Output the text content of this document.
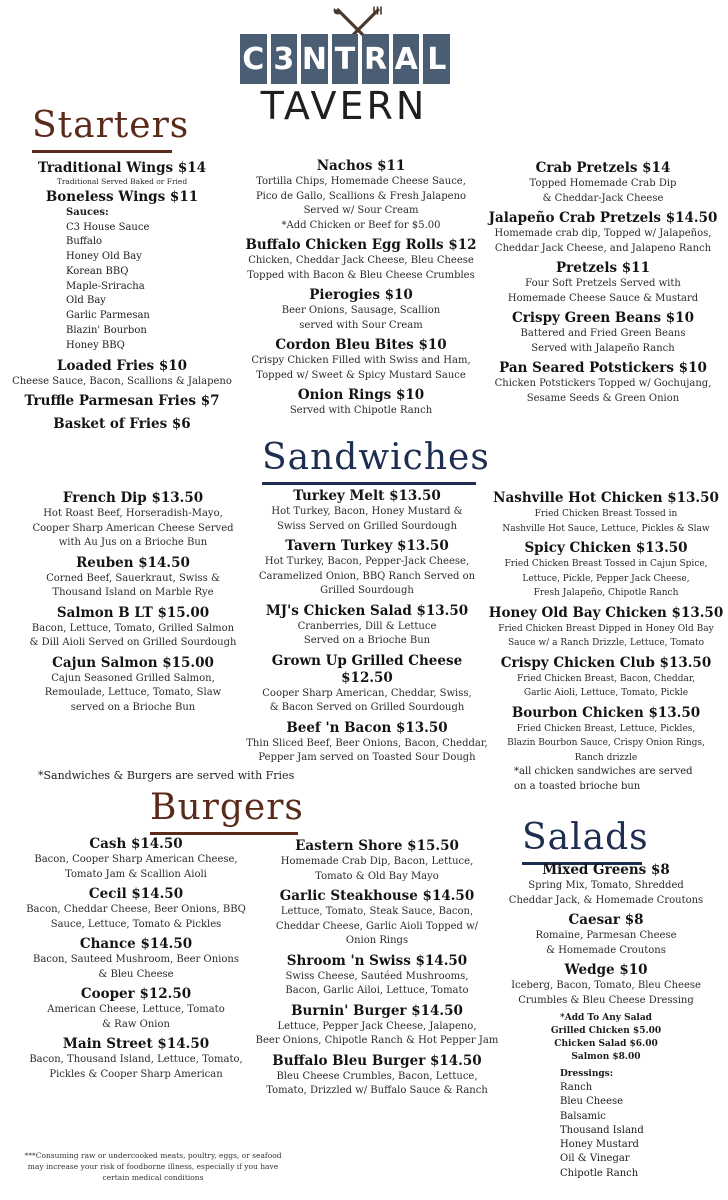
C 3 N T R A L
TAVERN
Starters
Traditional Wings $14
Traditional Served Baked or Fried
Boneless Wings $11
Sauces:
C3 House Sauce
Buffalo
Honey Old Bay
Korean BBQ
Maple-Sriracha
Old Bay
Garlic Parmesan
Blazin' Bourbon
Honey BBQ
Loaded Fries $10
Cheese Sauce, Bacon, Scallions & Jalapeno
Truffle Parmesan Fries $7
Basket of Fries $6
Nachos $11
Tortilla Chips, Homemade Cheese Sauce,
Pico de Gallo, Scallions & Fresh Jalapeno
Served w/ Sour Cream
*Add Chicken or Beef for $5.00
Buffalo Chicken Egg Rolls $12
Chicken, Cheddar Jack Cheese, Bleu Cheese
Topped with Bacon & Bleu Cheese Crumbles
Pierogies $10
Beer Onions, Sausage, Scallion
served with Sour Cream
Cordon Bleu Bites $10
Crispy Chicken Filled with Swiss and Ham,
Topped w/ Sweet & Spicy Mustard Sauce
Onion Rings $10
Served with Chipotle Ranch
Crab Pretzels $14
Topped Homemade Crab Dip
& Cheddar-Jack Cheese
Jalapeño Crab Pretzels $14.50
Homemade crab dip, Topped w/ Jalapeños,
Cheddar Jack Cheese, and Jalapeno Ranch
Pretzels $11
Four Soft Pretzels Served with
Homemade Cheese Sauce & Mustard
Crispy Green Beans $10
Battered and Fried Green Beans
Served with Jalapeño Ranch
Pan Seared Potstickers $10
Chicken Potstickers Topped w/ Gochujang,
Sesame Seeds & Green Onion
Sandwiches
French Dip $13.50
Hot Roast Beef, Horseradish-Mayo,
Cooper Sharp American Cheese Served
with Au Jus on a Brioche Bun
Reuben $14.50
Corned Beef, Sauerkraut, Swiss &
Thousand Island on Marble Rye
Salmon B LT $15.00
Bacon, Lettuce, Tomato, Grilled Salmon
& Dill Aioli Served on Grilled Sourdough
Cajun Salmon $15.00
Cajun Seasoned Grilled Salmon,
Remoulade, Lettuce, Tomato, Slaw
served on a Brioche Bun
Turkey Melt $13.50
Hot Turkey, Bacon, Honey Mustard &
Swiss Served on Grilled Sourdough
Tavern Turkey $13.50
Hot Turkey, Bacon, Pepper-Jack Cheese,
Caramelized Onion, BBQ Ranch Served on
Grilled Sourdough
MJ's Chicken Salad $13.50
Cranberries, Dill & Lettuce
Served on a Brioche Bun
Grown Up Grilled Cheese $12.50
Cooper Sharp American, Cheddar, Swiss,
& Bacon Served on Grilled Sourdough
Beef 'n Bacon $13.50
Thin Sliced Beef, Beer Onions, Bacon, Cheddar,
Pepper Jam served on Toasted Sour Dough
Nashville Hot Chicken $13.50
Fried Chicken Breast Tossed in
Nashville Hot Sauce, Lettuce, Pickles & Slaw
Spicy Chicken $13.50
Fried Chicken Breast Tossed in Cajun Spice,
Lettuce, Pickle, Pepper Jack Cheese,
Fresh Jalapeño, Chipotle Ranch
Honey Old Bay Chicken $13.50
Fried Chicken Breast Dipped in Honey Old Bay
Sauce w/ a Ranch Drizzle, Lettuce, Tomato
Crispy Chicken Club $13.50
Fried Chicken Breast, Bacon, Cheddar,
Garlic Aioli, Lettuce, Tomato, Pickle
Bourbon Chicken $13.50
Fried Chicken Breast, Lettuce, Pickles,
Blazin Bourbon Sauce, Crispy Onion Rings,
Ranch drizzle
*Sandwiches & Burgers are served with Fries	*all chicken sandwiches are served
on a toasted brioche bun
Burgers
Cash $14.50
Bacon, Cooper Sharp American Cheese,
Tomato Jam & Scallion Aioli
Cecil $14.50
Bacon, Cheddar Cheese, Beer Onions, BBQ
Sauce, Lettuce, Tomato & Pickles
Chance $14.50
Bacon, Sauteed Mushroom, Beer Onions
& Bleu Cheese
Cooper $12.50
American Cheese, Lettuce, Tomato
& Raw Onion
Main Street $14.50
Bacon, Thousand Island, Lettuce, Tomato,
Pickles & Cooper Sharp American
Eastern Shore $15.50
Homemade Crab Dip, Bacon, Lettuce,
Tomato & Old Bay Mayo
Garlic Steakhouse $14.50
Lettuce, Tomato, Steak Sauce, Bacon,
Cheddar Cheese, Garlic Aioli Topped w/
Onion Rings
Shroom 'n Swiss $14.50
Swiss Cheese, Sautéed Mushrooms,
Bacon, Garlic Ailoi, Lettuce, Tomato
Burnin' Burger $14.50
Lettuce, Pepper Jack Cheese, Jalapeno,
Beer Onions, Chipotle Ranch & Hot Pepper Jam
Buffalo Bleu Burger $14.50
Bleu Cheese Crumbles, Bacon, Lettuce,
Tomato, Drizzled w/ Buffalo Sauce & Ranch
Salads
Mixed Greens $8
Spring Mix, Tomato, Shredded
Cheddar Jack, & Homemade Croutons
Caesar $8
Romaine, Parmesan Cheese
& Homemade Croutons
Wedge $10
Iceberg, Bacon, Tomato, Bleu Cheese
Crumbles & Bleu Cheese Dressing
*Add To Any Salad
Grilled Chicken $5.00
Chicken Salad $6.00
Salmon $8.00
Dressings:
Ranch
Bleu Cheese
Balsamic
Thousand Island
Honey Mustard
Oil & Vinegar
Chipotle Ranch
***Consuming raw or undercooked meats, poultry, eggs, or seafood
may increase your risk of foodborne illness, especially if you have
certain medical conditions
